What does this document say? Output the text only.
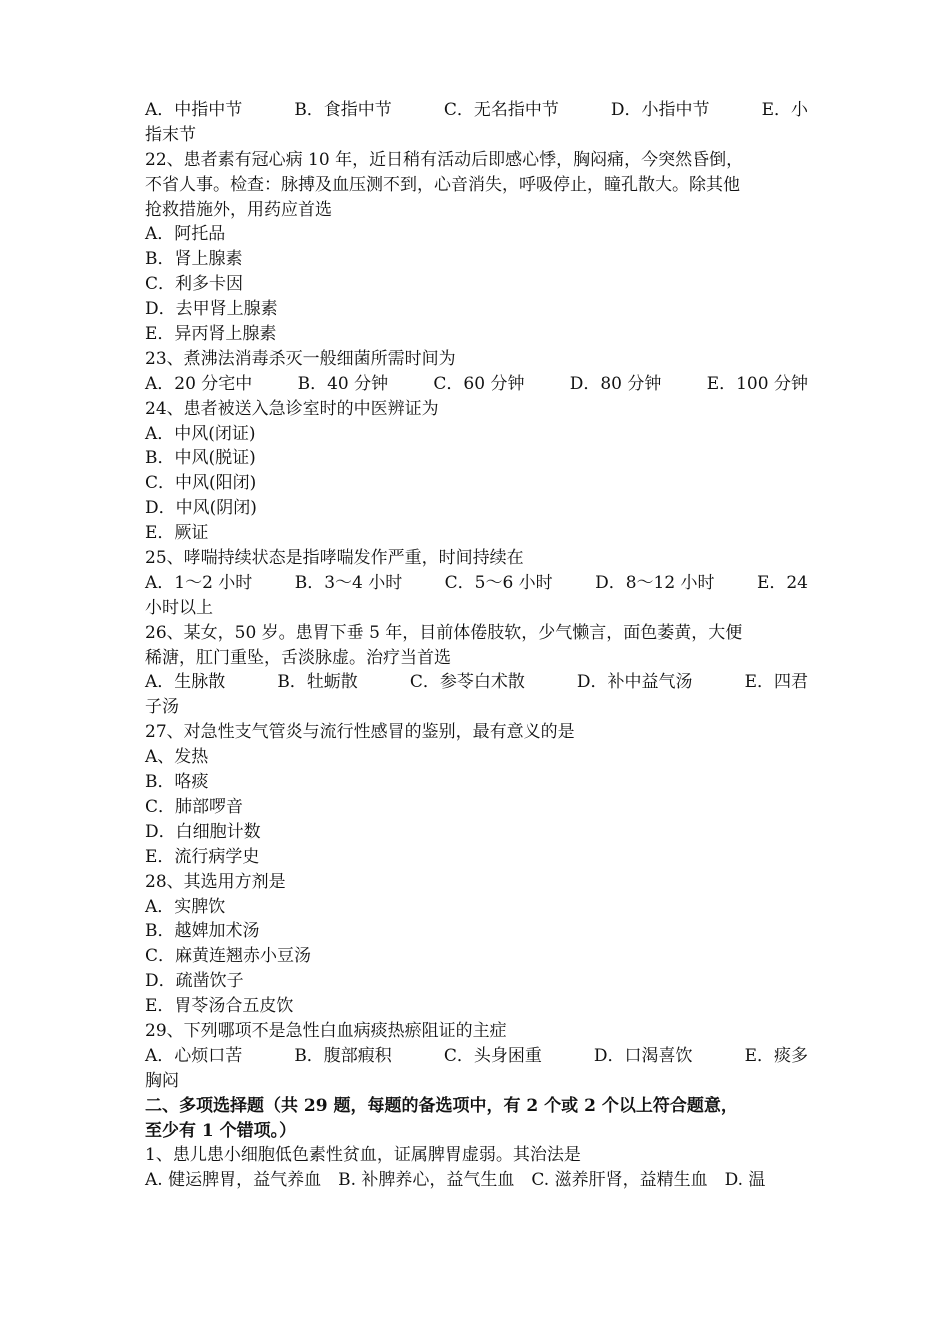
A．中指中节	B．食指中节	C．无名指中节	D．小指中节	E．小
指末节
22、患者素有冠心病 10 年，近日稍有活动后即感心悸，胸闷痛，今突然昏倒，
不省人事。检查：脉搏及血压测不到，心音消失，呼吸停止，瞳孔散大。除其他
抢救措施外，用药应首选
A．阿托品
B．肾上腺素
C．利多卡因
D．去甲肾上腺素
E．异丙肾上腺素
23、煮沸法消毒杀灭一般细菌所需时间为
A．20 分宅中	B．40 分钟	C．60 分钟	D．80 分钟	E．100 分钟
24、患者被送入急诊室时的中医辨证为
A．中风(闭证)
B．中风(脱证)
C．中风(阳闭)
D．中风(阴闭)
E．厥证
25、哮喘持续状态是指哮喘发作严重，时间持续在
A．1～2 小时 B．3～4 小时 C．5～6 小时 D．8～12 小时 E．24
小时以上
26、某女，50 岁。患胃下垂 5 年，目前体倦肢软，少气懒言，面色萎黄，大便
稀溏，肛门重坠，舌淡脉虚。治疗当首选
A．生脉散	B．牡蛎散	C．参苓白术散	D．补中益气汤	E．四君
子汤
27、对急性支气管炎与流行性感冒的鉴别，最有意义的是
A、发热
B．咯痰
C．肺部啰音
D．白细胞计数
E．流行病学史
28、其选用方剂是
A．实脾饮
B．越婢加术汤
C．麻黄连翘赤小豆汤
D．疏凿饮子
E．胃苓汤合五皮饮
29、下列哪项不是急性白血病痰热瘀阻证的主症
A．心烦口苦	B．腹部瘕积	C．头身困重	D．口渴喜饮	E．痰多
胸闷
二、多项选择题（共 29 题，每题的备选项中，有 2 个或 2 个以上符合题意，
至少有 1 个错项。）
1、患儿患小细胞低色素性贫血，证属脾胃虚弱。其治法是
A. 健运脾胃，益气养血　B. 补脾养心，益气生血　C. 滋养肝肾，益精生血　D. 温
